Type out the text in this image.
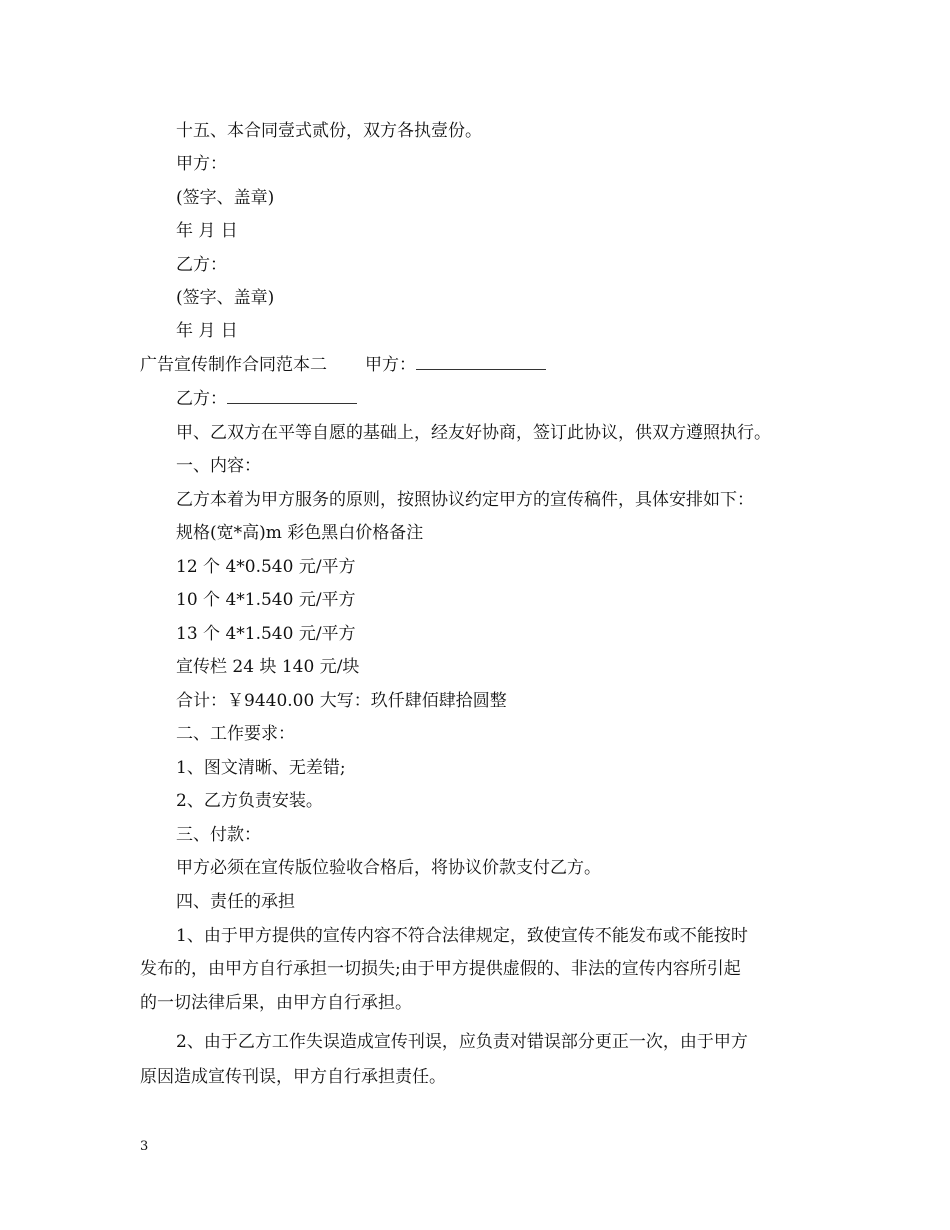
十五、本合同壹式贰份，双方各执壹份。
甲方：
(签字、盖章)
年 月 日
乙方：
(签字、盖章)
年 月 日
广告宣传制作合同范本二 甲方：
乙方：
甲、乙双方在平等自愿的基础上，经友好协商，签订此协议，供双方遵照执行。
一、内容：
乙方本着为甲方服务的原则，按照协议约定甲方的宣传稿件，具体安排如下：
规格(宽*高)m 彩色黑白价格备注
12 个 4*0.540 元/平方
10 个 4*1.540 元/平方
13 个 4*1.540 元/平方
宣传栏 24 块 140 元/块
合计：￥9440.00 大写：玖仟肆佰肆拾圆整
二、工作要求：
1、图文清晰、无差错;
2、乙方负责安装。
三、付款：
甲方必须在宣传版位验收合格后，将协议价款支付乙方。
四、责任的承担
1、由于甲方提供的宣传内容不符合法律规定，致使宣传不能发布或不能按时
发布的，由甲方自行承担一切损失;由于甲方提供虚假的、非法的宣传内容所引起
的一切法律后果，由甲方自行承担。
2、由于乙方工作失误造成宣传刊误，应负责对错误部分更正一次，由于甲方
原因造成宣传刊误，甲方自行承担责任。
3
